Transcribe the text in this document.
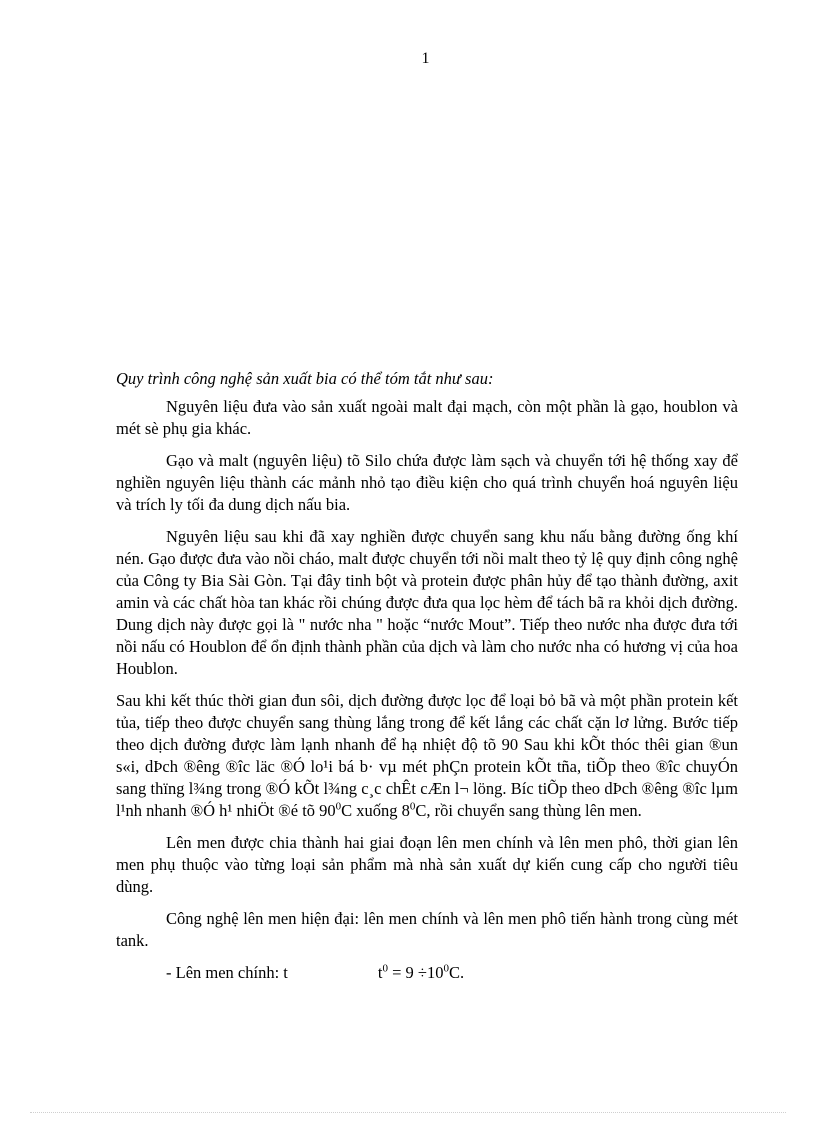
1
Quy trình công nghệ sản xuất bia có thể tóm tắt như sau:

Nguyên liệu đưa vào sản xuất ngoài malt đại mạch, còn một phần là gạo, houblon và mét sè phụ gia khác.

Gạo và malt (nguyên liệu) tõ Silo chứa được làm sạch và chuyển tới hệ thống xay để nghiền nguyên liệu thành các mảnh nhỏ tạo điều kiện cho quá trình chuyển hoá nguyên liệu và trích ly tối đa dung dịch nấu bia.

Nguyên liệu sau khi đã xay nghiền được chuyển sang khu nấu bằng đường ống khí nén. Gạo được đưa vào nồi cháo, malt được chuyển tới nồi malt theo tỷ lệ quy định công nghệ của Công ty Bia Sài Gòn. Tại đây tinh bột và protein được phân hủy để tạo thành đường, axit amin và các chất hòa tan khác rồi chúng được đưa qua lọc hèm để tách bã ra khỏi dịch đường. Dung dịch này được gọi là " nước nha " hoặc “nước Mout”. Tiếp theo nước nha được đưa tới nồi nấu có Houblon để ổn định thành phần của dịch và làm cho nước nha có hương vị của hoa Houblon.

Sau khi kết thúc thời gian đun sôi, dịch đường được lọc để loại bỏ bã và một phần protein kết tủa, tiếp theo được chuyển sang thùng lắng trong để kết lắng các chất cặn lơ lửng. Bước tiếp theo dịch đường được làm lạnh nhanh để hạ nhiệt độ tõ 90 Sau khi kÕt thóc thêi gian ®un s«i, dÞch ®êng ®îc läc ®Ó lo¹i bá b· vµ mét phÇn protein kÕt tña, tiÕp theo ®îc chuyÓn sang thïng l¾ng trong ®Ó kÕt l¾ng c¸c chÊt cÆn l¬ löng. Bíc tiÕp theo dÞch ®êng ®îc lµm l¹nh nhanh ®Ó h¹ nhiÖt ®é tõ $90^0C$ xuống $8^0C$, rồi chuyển sang thùng lên men.

Lên men được chia thành hai giai đoạn lên men chính và lên men phô, thời gian lên men phụ thuộc vào từng loại sản phẩm mà nhà sản xuất dự kiến cung cấp cho người tiêu dùng.

Công nghệ lên men hiện đại: lên men chính và lên men phô tiến hành trong cùng mét tank.

- Lên men chính: t	$t^0 = 9 \div 10^0C$.
